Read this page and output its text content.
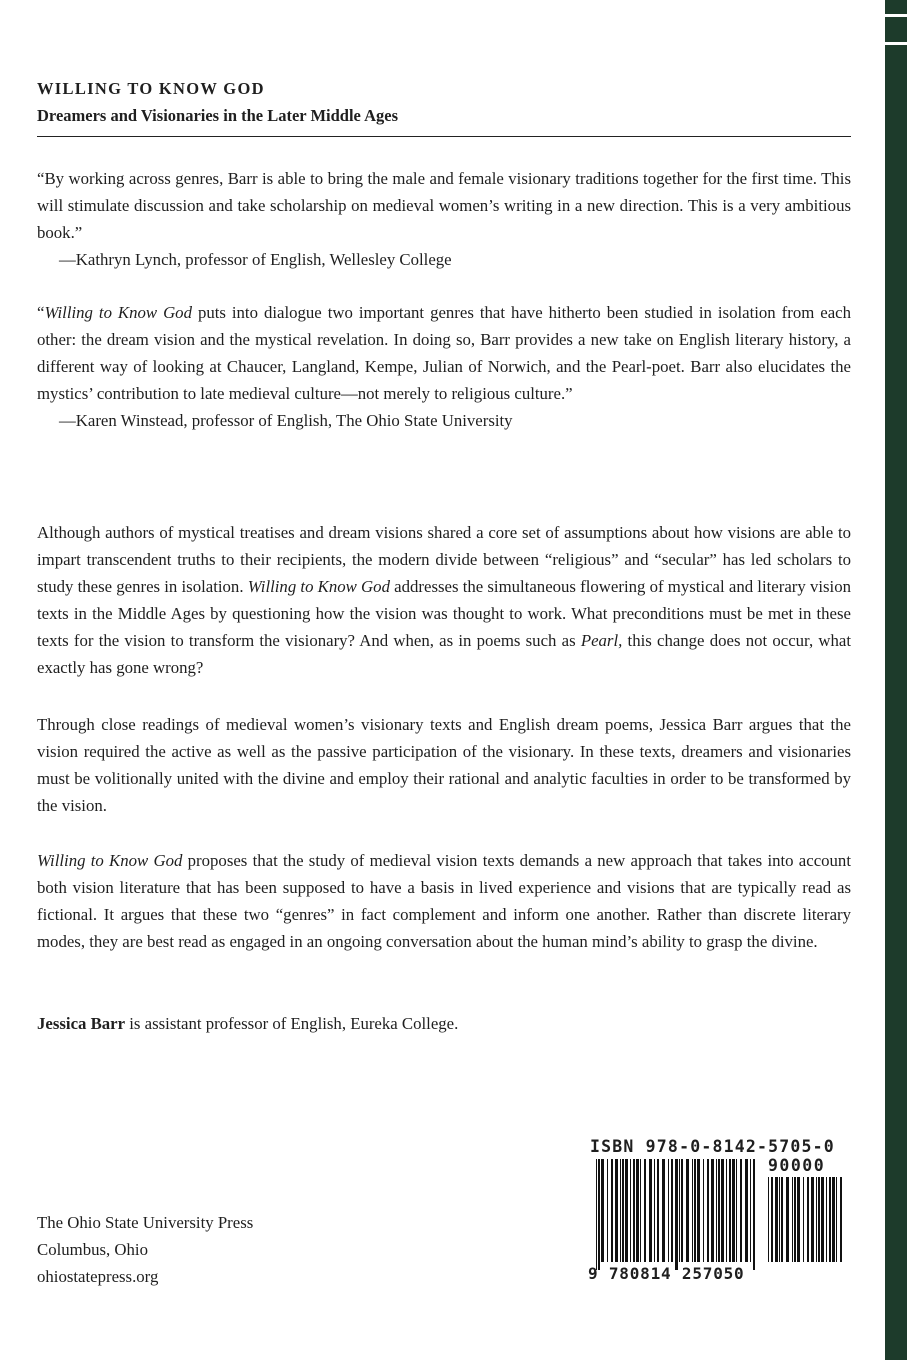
WILLING TO KNOW GOD
Dreamers and Visionaries in the Later Middle Ages
“By working across genres, Barr is able to bring the male and female visionary traditions together for the first time. This will stimulate discussion and take scholarship on medieval women’s writing in a new direction. This is a very ambitious book.”
—Kathryn Lynch, professor of English, Wellesley College
“Willing to Know God puts into dialogue two important genres that have hitherto been studied in isolation from each other: the dream vision and the mystical revelation. In doing so, Barr provides a new take on English literary history, a different way of looking at Chaucer, Langland, Kempe, Julian of Norwich, and the Pearl-poet. Barr also elucidates the mystics’ contribution to late medieval culture—not merely to religious culture.”
—Karen Winstead, professor of English, The Ohio State University
Although authors of mystical treatises and dream visions shared a core set of assumptions about how visions are able to impart transcendent truths to their recipients, the modern divide between “religious” and “secular” has led scholars to study these genres in isolation. Willing to Know God addresses the simultaneous flowering of mystical and literary vision texts in the Middle Ages by questioning how the vision was thought to work. What preconditions must be met in these texts for the vision to transform the visionary? And when, as in poems such as Pearl, this change does not occur, what exactly has gone wrong?
Through close readings of medieval women’s visionary texts and English dream poems, Jessica Barr argues that the vision required the active as well as the passive participation of the visionary. In these texts, dreamers and visionaries must be volitionally united with the divine and employ their rational and analytic faculties in order to be transformed by the vision.
Willing to Know God proposes that the study of medieval vision texts demands a new approach that takes into account both vision literature that has been supposed to have a basis in lived experience and visions that are typically read as fictional. It argues that these two “genres” in fact complement and inform one another. Rather than discrete literary modes, they are best read as engaged in an ongoing conversation about the human mind’s ability to grasp the divine.
Jessica Barr is assistant professor of English, Eureka College.
The Ohio State University Press
Columbus, Ohio
ohiostatepress.org
ISBN 978-0-8142-5705-0
90000
9 780814 257050
